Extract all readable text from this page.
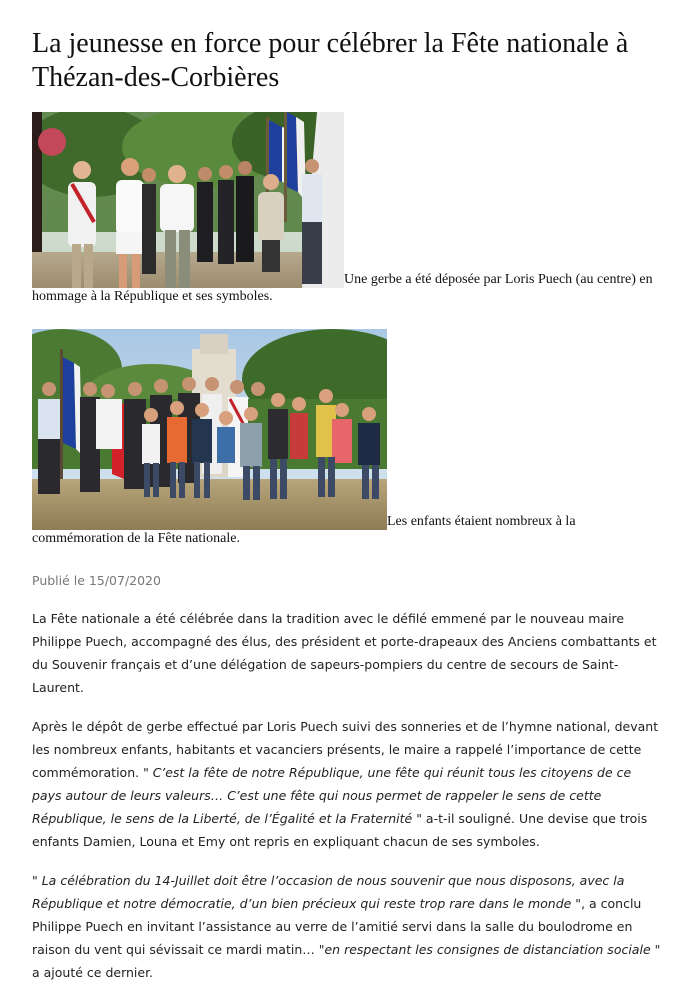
La jeunesse en force pour célébrer la Fête nationale à Thézan-des-Corbières
Une gerbe a été déposée par Loris Puech (au centre) en hommage à la République et ses symboles.
Les enfants étaient nombreux à la commémoration de la Fête nationale.
Publié le 15/07/2020

La Fête nationale a été célébrée dans la tradition avec le défilé emmené par le nouveau maire Philippe Puech, accompagné des élus, des président et porte-drapeaux des Anciens combattants et du Souvenir français et d’une délégation de sapeurs-pompiers du centre de secours de Saint-Laurent.

Après le dépôt de gerbe effectué par Loris Puech suivi des sonneries et de l’hymne national, devant les nombreux enfants, habitants et vacanciers présents, le maire a rappelé l’importance de cette commémoration. " C’est la fête de notre République, une fête qui réunit tous les citoyens de ce pays autour de leurs valeurs… C’est une fête qui nous permet de rappeler le sens de cette République, le sens de la Liberté, de l’Égalité et la Fraternité " a-t-il souligné. Une devise que trois enfants Damien, Louna et Emy ont repris en expliquant chacun de ses symboles.

" La célébration du 14-Juillet doit être l’occasion de nous souvenir que nous disposons, avec la République et notre démocratie, d’un bien précieux qui reste trop rare dans le monde ", a conclu Philippe Puech en invitant l’assistance au verre de l’amitié servi dans la salle du boulodrome en raison du vent qui sévissait ce mardi matin… "en respectant les consignes de distanciation sociale " a ajouté ce dernier.
